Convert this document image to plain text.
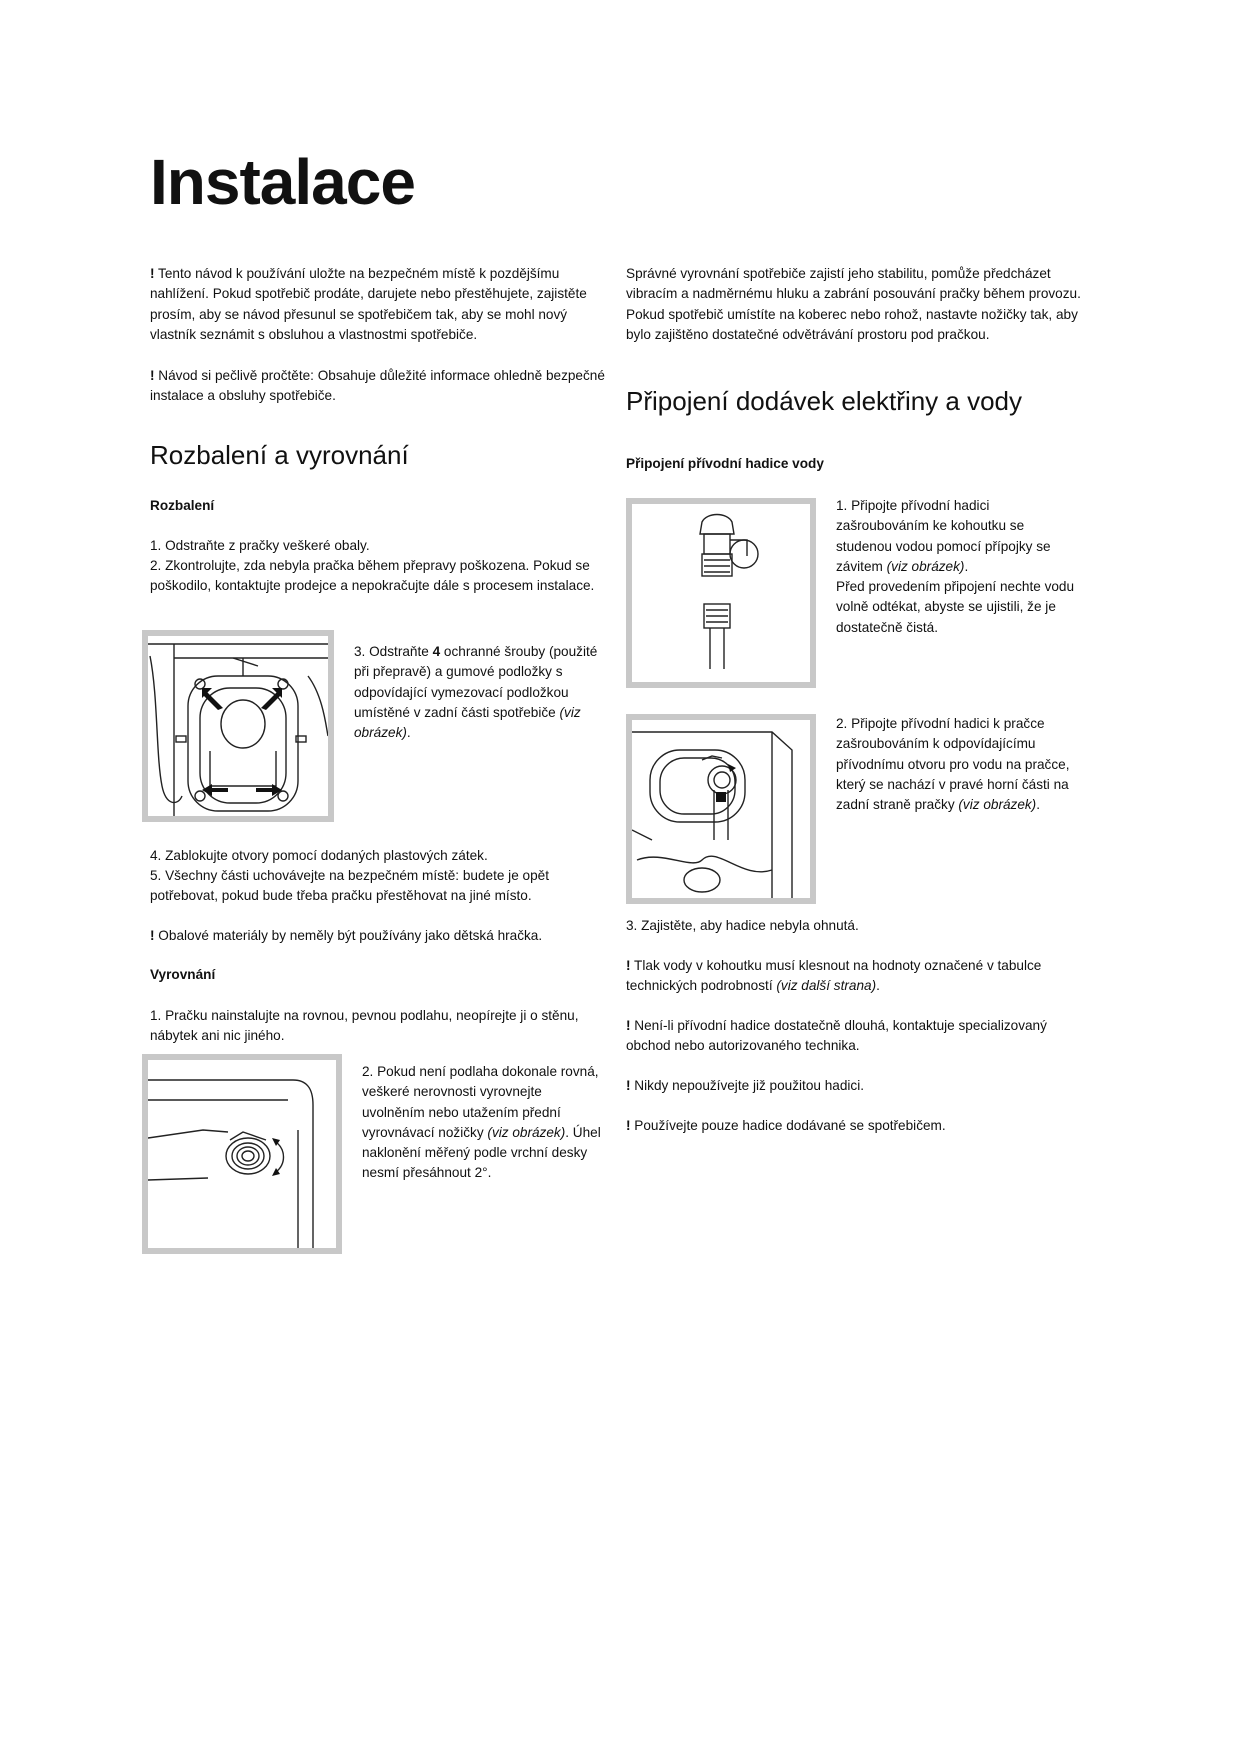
Instalace

! Tento návod k používání uložte na bezpečném místě k pozdějšímu nahlížení. Pokud spotřebič prodáte, darujete nebo přestěhujete, zajistěte prosím, aby se návod přesunul se spotřebičem tak, aby se mohl nový vlastník seznámit s obsluhou a vlastnostmi spotřebiče.

! Návod si pečlivě pročtěte: Obsahuje důležité informace ohledně bezpečné instalace a obsluhy spotřebiče.

Rozbalení a vyrovnání
Rozbalení

1. Odstraňte z pračky veškeré obaly.

2. Zkontrolujte, zda nebyla pračka během přepravy poškozena. Pokud se poškodilo, kontaktujte prodejce a nepokračujte dále s procesem instalace.

3. Odstraňte 4 ochranné šrouby (použité při přepravě) a gumové podložky s odpovídající vymezovací podložkou umístěné v zadní části spotřebiče (viz obrázek).

4. Zablokujte otvory pomocí dodaných plastových zátek.

5. Všechny části uchovávejte na bezpečném místě: budete je opět potřebovat, pokud bude třeba pračku přestěhovat na jiné místo.

! Obalové materiály by neměly být používány jako dětská hračka.

Vyrovnání

1. Pračku nainstalujte na rovnou, pevnou podlahu, neopírejte ji o stěnu, nábytek ani nic jiného.

2. Pokud není podlaha dokonale rovná, veškeré nerovnosti vyrovnejte uvolněním nebo utažením přední vyrovnávací nožičky (viz obrázek). Úhel naklonění měřený podle vrchní desky nesmí přesáhnout 2°.

Správné vyrovnání spotřebiče zajistí jeho stabilitu, pomůže předcházet vibracím a nadměrnému hluku a zabrání posouvání pračky během provozu. Pokud spotřebič umístíte na koberec nebo rohož, nastavte nožičky tak, aby bylo zajištěno dostatečné odvětrávání prostoru pod pračkou.

Připojení dodávek elektřiny a vody
Připojení přívodní hadice vody

1. Připojte přívodní hadici zašroubováním ke kohoutku se studenou vodou pomocí přípojky se závitem (viz obrázek).
Před provedením připojení nechte vodu volně odtékat, abyste se ujistili, že je dostatečně čistá.

2. Připojte přívodní hadici k pračce zašroubováním k odpovídajícímu přívodnímu otvoru pro vodu na pračce, který se nachází v pravé horní části na zadní straně pračky (viz obrázek).

3. Zajistěte, aby hadice nebyla ohnutá.

! Tlak vody v kohoutku musí klesnout na hodnoty označené v tabulce technických podrobností (viz další strana).

! Není-li přívodní hadice dostatečně dlouhá, kontaktuje specializovaný obchod nebo autorizovaného technika.

! Nikdy nepoužívejte již použitou hadici.

! Používejte pouze hadice dodávané se spotřebičem.
